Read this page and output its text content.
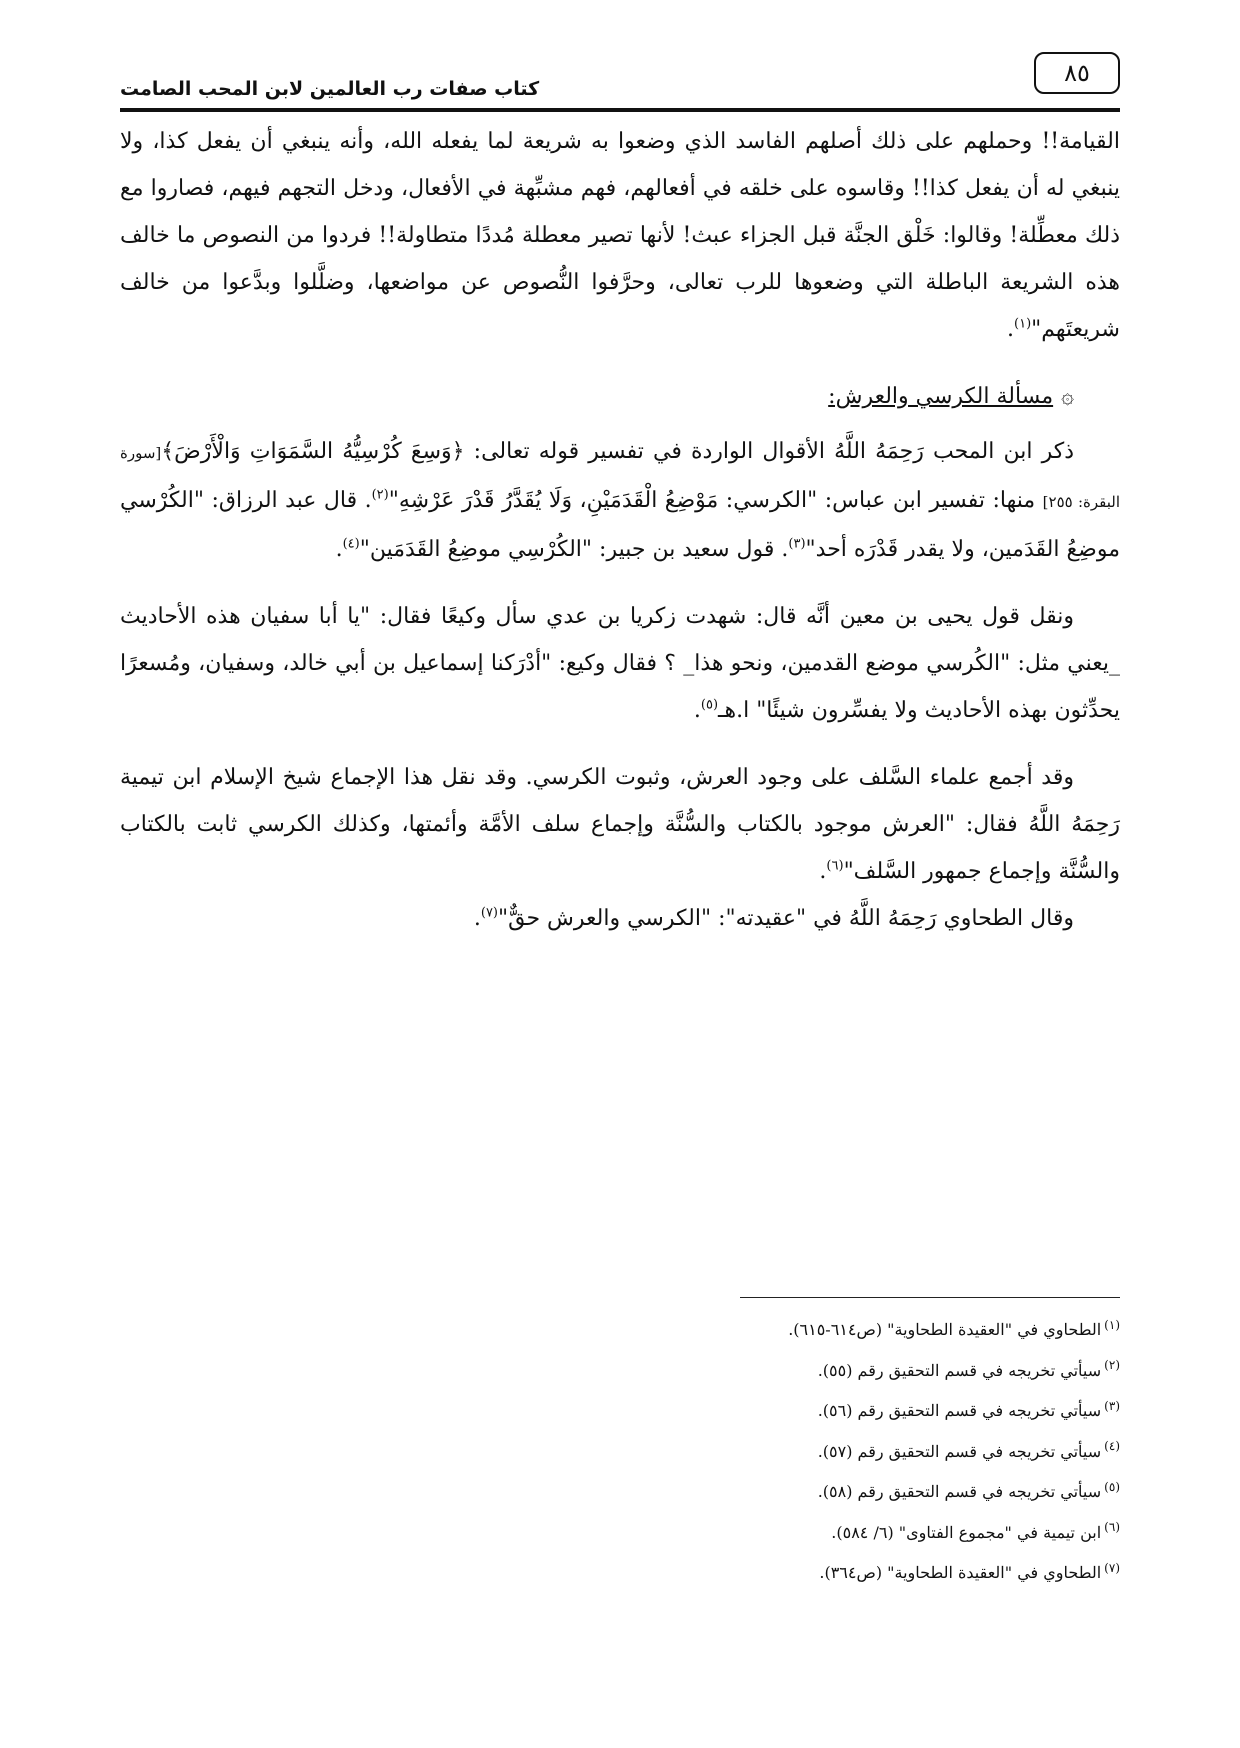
٨٥
كتاب صفات رب العالمين لابن المحب الصامت

القيامة!! وحملهم على ذلك أصلهم الفاسد الذي وضعوا به شريعة لما يفعله الله، وأنه ينبغي أن يفعل كذا، ولا ينبغي له أن يفعل كذا!! وقاسوه على خلقه في أفعالهم، فهم مشبِّهة في الأفعال، ودخل التجهم فيهم، فصاروا مع ذلك معطِّلة! وقالوا: خَلْق الجنَّة قبل الجزاء عبث! لأنها تصير معطلة مُددًا متطاولة!! فردوا من النصوص ما خالف هذه الشريعة الباطلة التي وضعوها للرب تعالى، وحرَّفوا النُّصوص عن مواضعها، وضلَّلوا وبدَّعوا من خالف شريعتَهم"$^{(١)}$.

۞مسألة الكرسي والعرش:

ذكر ابن المحب رَحِمَهُ اللَّهُ الأقوال الواردة في تفسير قوله تعالى: ﴿وَسِعَ كُرْسِيُّهُ السَّمَوَاتِ وَالْأَرْضَ﴾[سورة البقرة: ٢٥٥] منها: تفسير ابن عباس: "الكرسي: مَوْضِعُ الْقَدَمَيْنِ، وَلَا يُقَدَّرُ قَدْرَ عَرْشِهِ"$^{(٢)}$. قال عبد الرزاق: "الكُرْسي موضِعُ القَدَمين، ولا يقدر قَدْرَه أحد"$^{(٣)}$. قول سعيد بن جبير: "الكُرْسِي موضِعُ القَدَمَين"$^{(٤)}$.

ونقل قول يحيى بن معين أنَّه قال: شهدت زكريا بن عدي سأل وكيعًا فقال: "يا أبا سفيان هذه الأحاديث _يعني مثل: "الكُرسي موضع القدمين، ونحو هذا_ ؟ فقال وكيع: "أدْرَكنا إسماعيل بن أبي خالد، وسفيان، ومُسعرًا يحدِّثون بهذه الأحاديث ولا يفسِّرون شيئًا" ا.هـ$^{(٥)}$.

وقد أجمع علماء السَّلف على وجود العرش، وثبوت الكرسي. وقد نقل هذا الإجماع شيخ الإسلام ابن تيمية رَحِمَهُ اللَّهُ فقال: "العرش موجود بالكتاب والسُّنَّة وإجماع سلف الأمَّة وأئمتها، وكذلك الكرسي ثابت بالكتاب والسُّنَّة وإجماع جمهور السَّلف"$^{(٦)}$.

وقال الطحاوي رَحِمَهُ اللَّهُ في "عقيدته": "الكرسي والعرش حقٌّ"$^{(٧)}$.

$^{(١)}$الطحاوي في "العقيدة الطحاوية" (ص٦١٤-٦١٥).

$^{(٢)}$سيأتي تخريجه في قسم التحقيق رقم (٥٥).

$^{(٣)}$سيأتي تخريجه في قسم التحقيق رقم (٥٦).

$^{(٤)}$سيأتي تخريجه في قسم التحقيق رقم (٥٧).

$^{(٥)}$سيأتي تخريجه في قسم التحقيق رقم (٥٨).

$^{(٦)}$ابن تيمية في "مجموع الفتاوى" (٦/ ٥٨٤).

$^{(٧)}$الطحاوي في "العقيدة الطحاوية" (ص٣٦٤).
